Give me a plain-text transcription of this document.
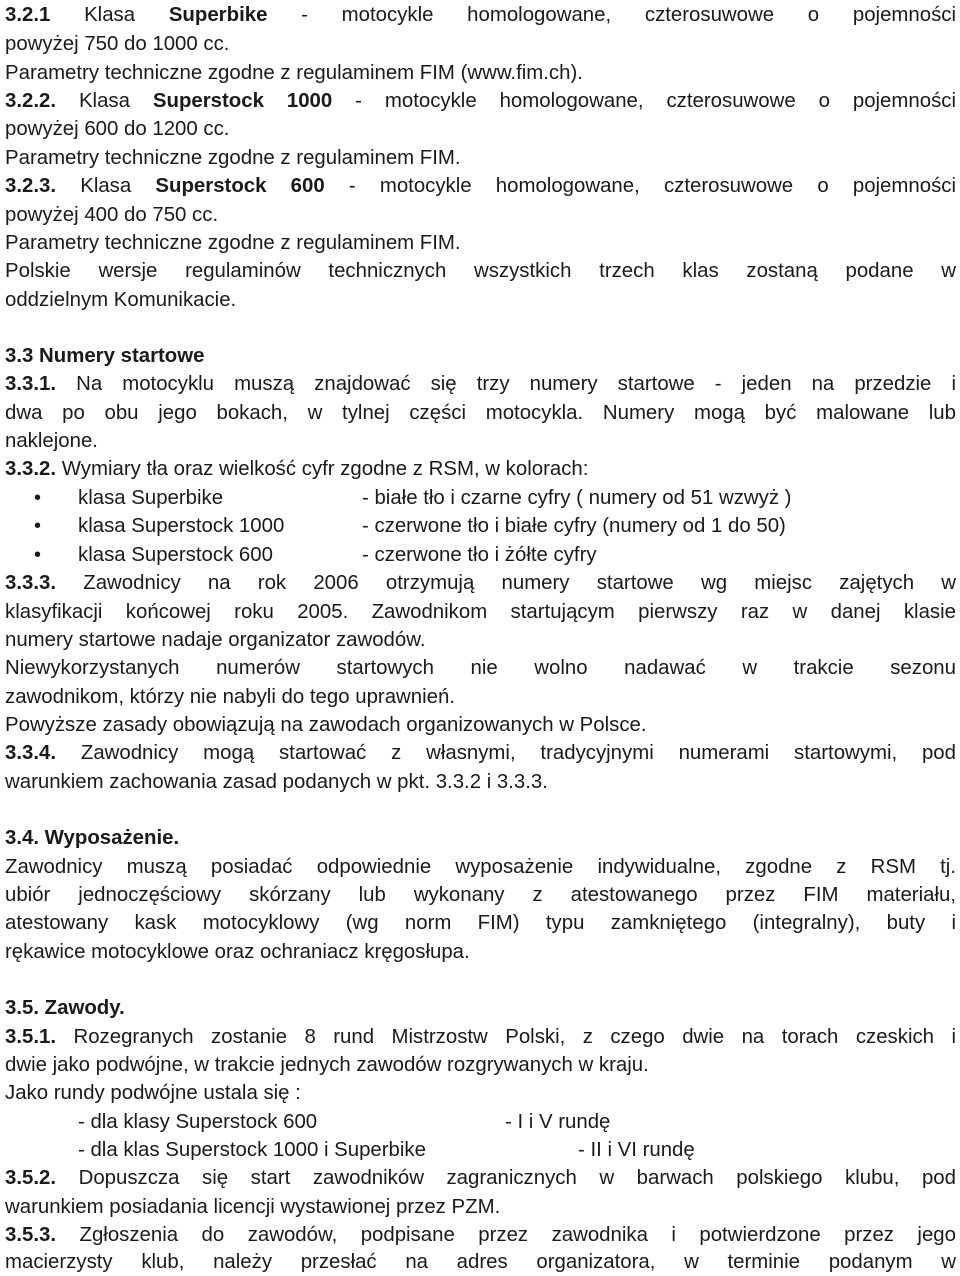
3.2.1 Klasa Superbike - motocykle homologowane, czterosuwowe o pojemności
powyżej 750 do 1000 cc.
Parametry techniczne zgodne z regulaminem FIM (www.fim.ch).
3.2.2. Klasa Superstock 1000 - motocykle homologowane, czterosuwowe o pojemności
powyżej 600 do 1200 cc.
Parametry techniczne zgodne z regulaminem FIM.
3.2.3. Klasa Superstock 600 - motocykle homologowane, czterosuwowe o pojemności
powyżej 400 do 750 cc.
Parametry techniczne zgodne z regulaminem FIM.
Polskie wersje regulaminów technicznych wszystkich trzech klas zostaną podane w
oddzielnym Komunikacie.
3.3 Numery startowe
3.3.1. Na motocyklu muszą znajdować się trzy numery startowe - jeden na przedzie i
dwa po obu jego bokach, w tylnej części motocykla. Numery mogą być malowane lub
naklejone.
3.3.2. Wymiary tła oraz wielkość cyfr zgodne z RSM, w kolorach:
• klasa Superbike	- białe tło i czarne cyfry ( numery od 51 wzwyż )
• klasa Superstock 1000	- czerwone tło i białe cyfry (numery od 1 do 50)
• klasa Superstock 600	- czerwone tło i żółte cyfry
3.3.3. Zawodnicy na rok 2006 otrzymują numery startowe wg miejsc zajętych w
klasyfikacji końcowej roku 2005. Zawodnikom startującym pierwszy raz w danej klasie
numery startowe nadaje organizator zawodów.
Niewykorzystanych numerów startowych nie wolno nadawać w trakcie sezonu
zawodnikom, którzy nie nabyli do tego uprawnień.
Powyższe zasady obowiązują na zawodach organizowanych w Polsce.
3.3.4. Zawodnicy mogą startować z własnymi, tradycyjnymi numerami startowymi, pod
warunkiem zachowania zasad podanych w pkt. 3.3.2 i 3.3.3.
3.4. Wyposażenie.
Zawodnicy muszą posiadać odpowiednie wyposażenie indywidualne, zgodne z RSM tj.
ubiór jednoczęściowy skórzany lub wykonany z atestowanego przez FIM materiału,
atestowany kask motocyklowy (wg norm FIM) typu zamkniętego (integralny), buty i
rękawice motocyklowe oraz ochraniacz kręgosłupa.
3.5. Zawody.
3.5.1. Rozegranych zostanie 8 rund Mistrzostw Polski, z czego dwie na torach czeskich i
dwie jako podwójne, w trakcie jednych zawodów rozgrywanych w kraju.
Jako rundy podwójne ustala się :
- dla klasy Superstock 600	- I i V rundę
- dla klas Superstock 1000 i Superbike	- II i VI rundę
3.5.2. Dopuszcza się start zawodników zagranicznych w barwach polskiego klubu, pod
warunkiem posiadania licencji wystawionej przez PZM.
3.5.3. Zgłoszenia do zawodów, podpisane przez zawodnika i potwierdzone przez jego
macierzysty klub, należy przesłać na adres organizatora, w terminie podanym w
